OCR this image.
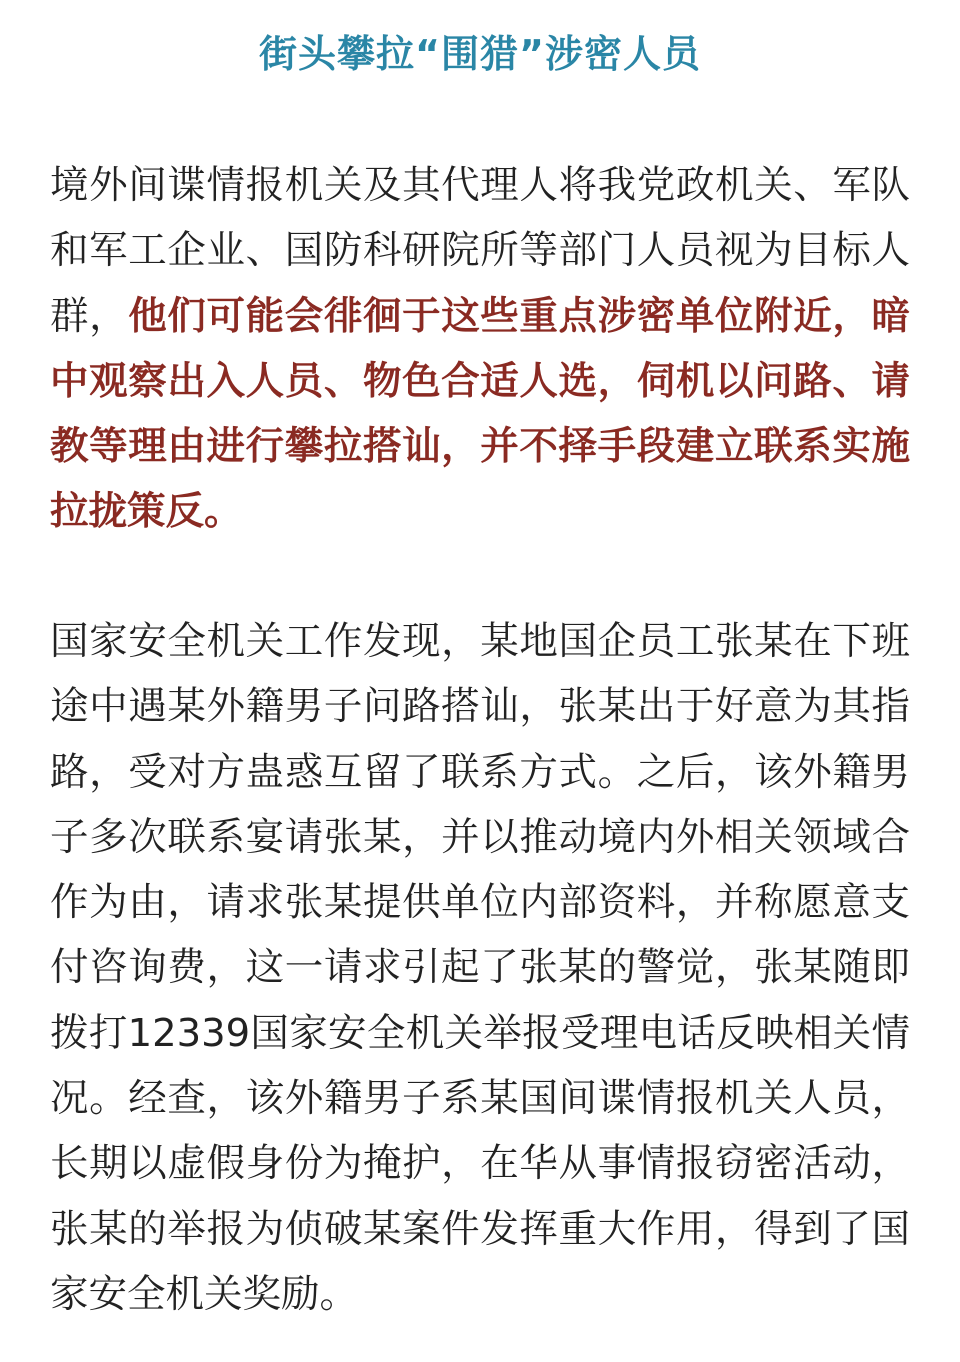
街头攀拉“围猎”涉密人员

境外间谍情报机关及其代理人将我党政机关、军队和军工企业、国防科研院所等部门人员视为目标人群，他们可能会徘徊于这些重点涉密单位附近，暗中观察出入人员、物色合适人选，伺机以问路、请教等理由进行攀拉搭讪，并不择手段建立联系实施拉拢策反。

国家安全机关工作发现，某地国企员工张某在下班途中遇某外籍男子问路搭讪，张某出于好意为其指路，受对方蛊惑互留了联系方式。之后，该外籍男子多次联系宴请张某，并以推动境内外相关领域合作为由，请求张某提供单位内部资料，并称愿意支付咨询费，这一请求引起了张某的警觉，张某随即拨打12339国家安全机关举报受理电话反映相关情况。经查，该外籍男子系某国间谍情报机关人员，长期以虚假身份为掩护，在华从事情报窃密活动，张某的举报为侦破某案件发挥重大作用，得到了国家安全机关奖励。
